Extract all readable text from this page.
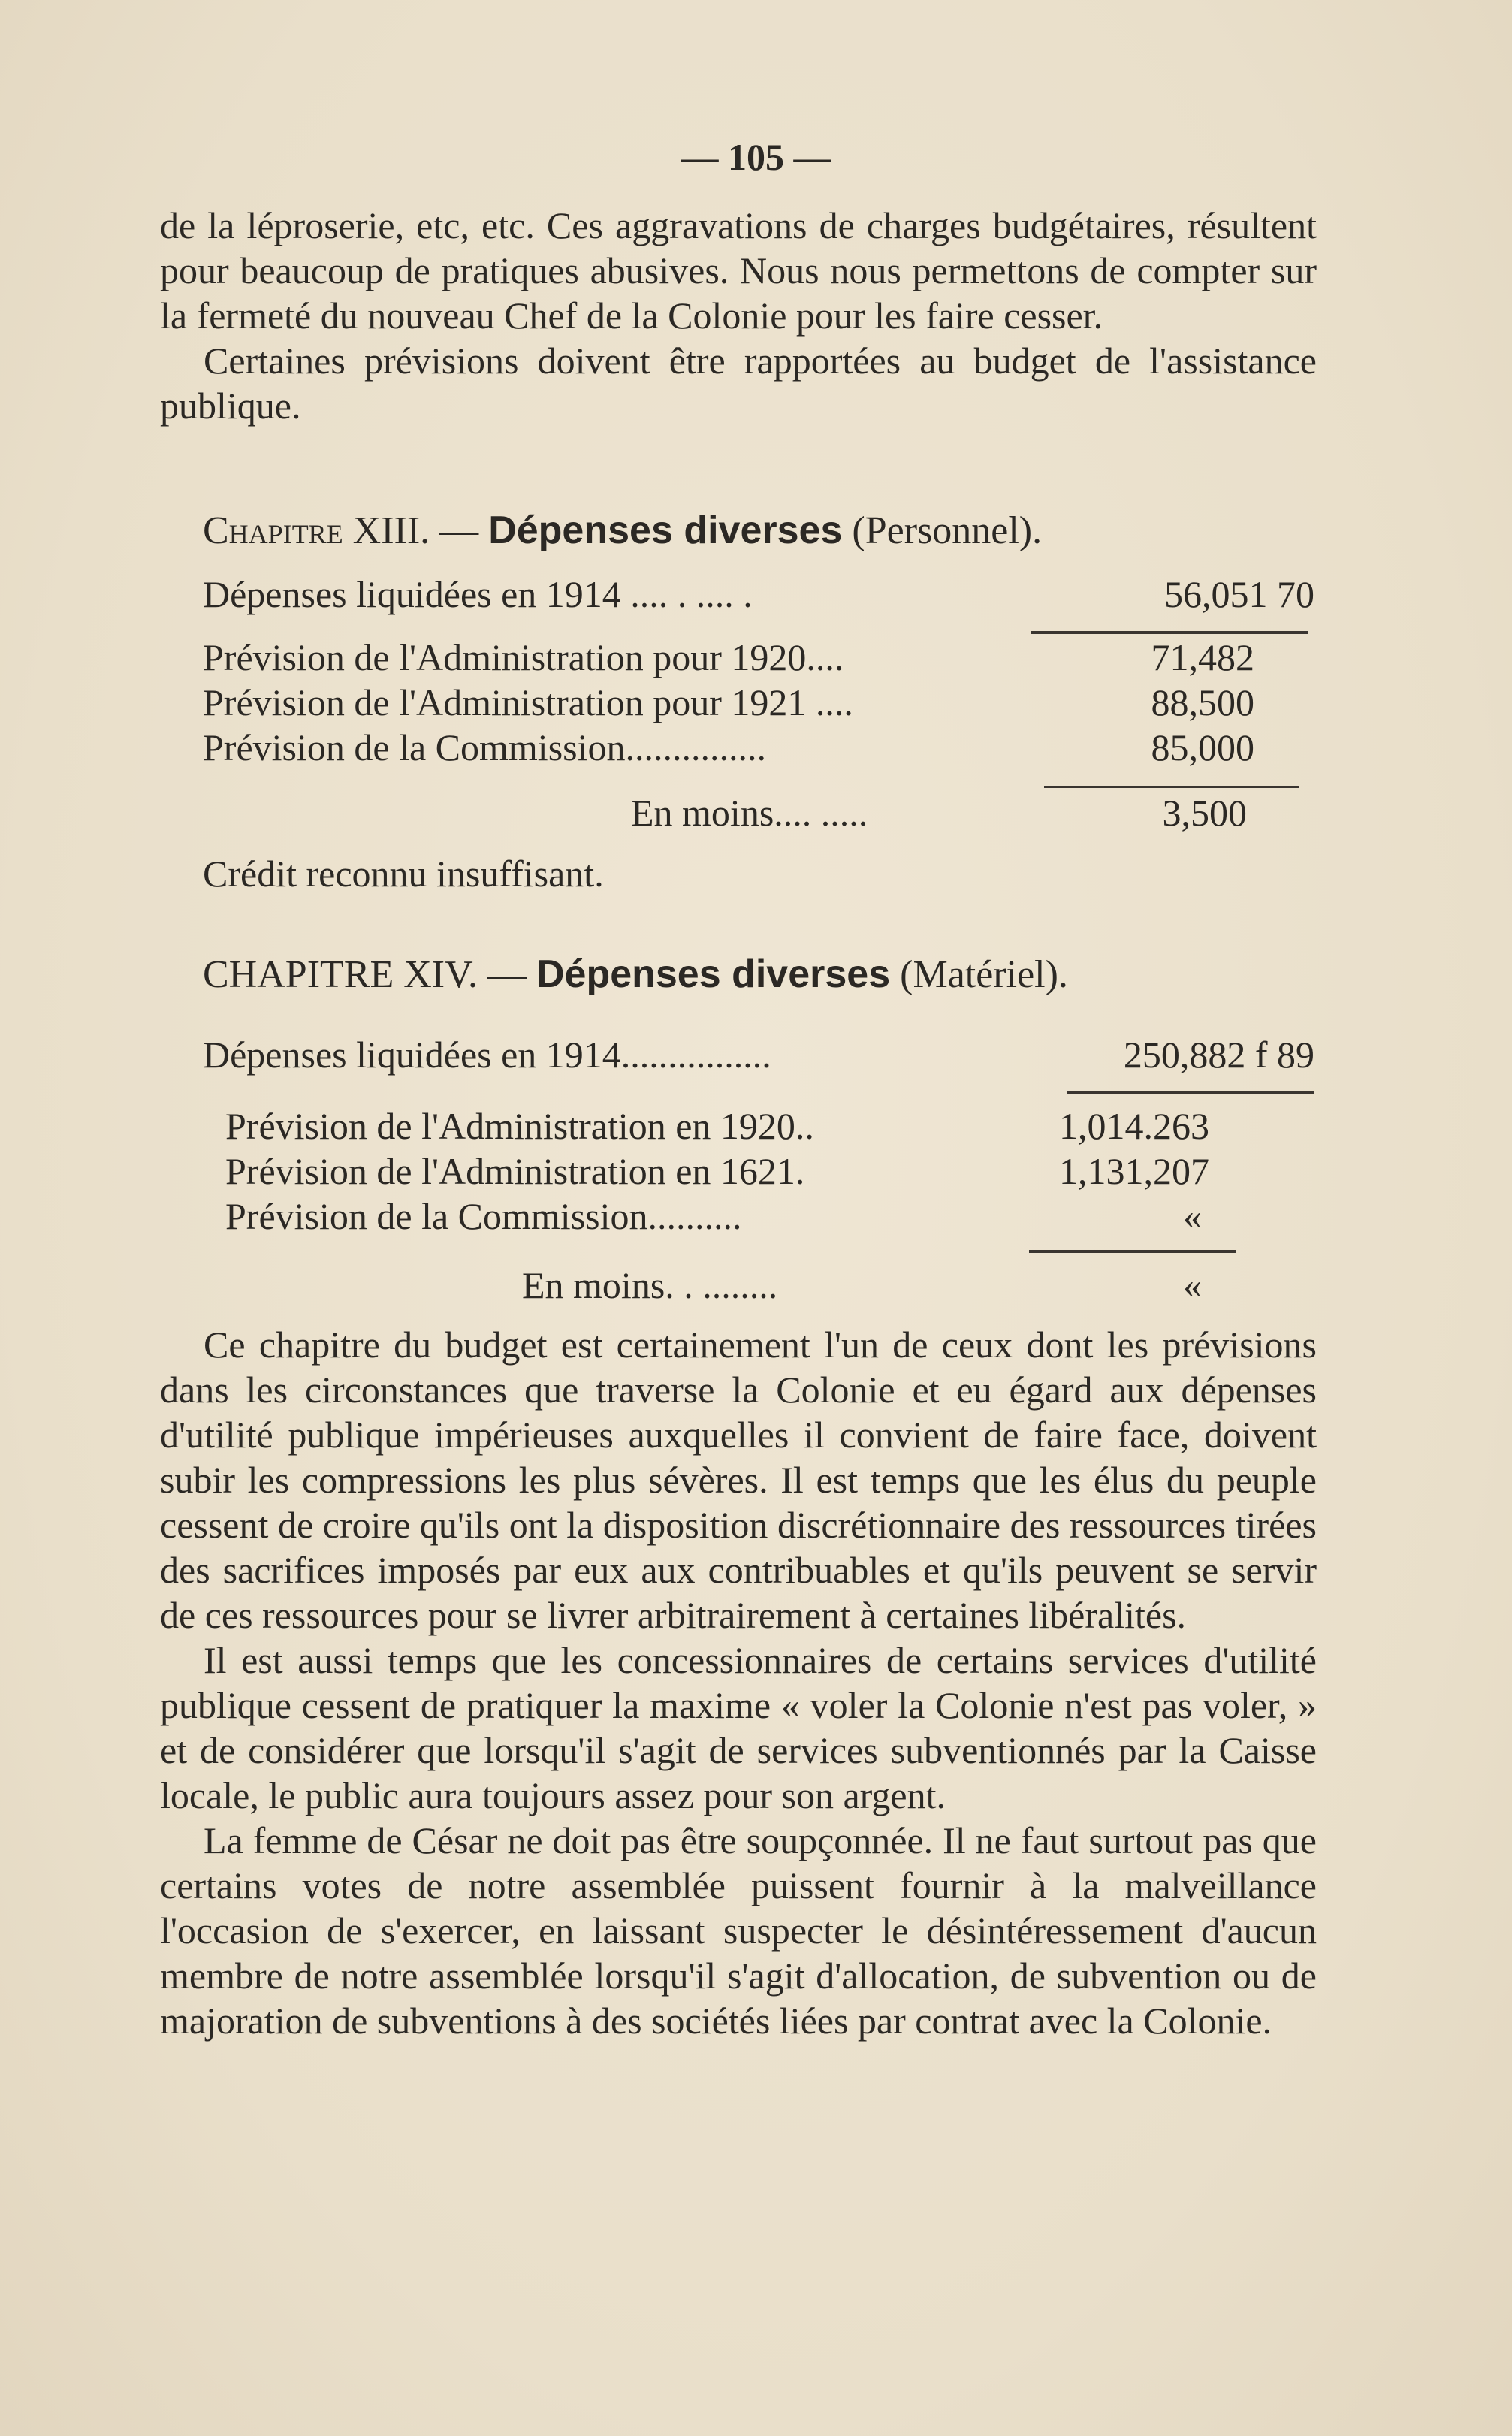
— 105 —

de la léproserie, etc, etc. Ces aggravations de charges budgétaires, résultent pour beaucoup de pratiques abusives. Nous nous permettons de compter sur la fermeté du nouveau Chef de la Colonie pour les faire cesser.

Certaines prévisions doivent être rapportées au budget de l'assistance publique.

Chapitre XIII. — Dépenses diverses (Personnel).
Dépenses liquidées en 1914 .... . .... .	56,051 70
Prévision de l'Administration pour 1920....	71,482
Prévision de l'Administration pour 1921 ....	88,500
Prévision de la Commission...............	85,000
En moins.... .....	3,500
Crédit reconnu insuffisant.
CHAPITRE XIV. — Dépenses diverses (Matériel).
Dépenses liquidées en 1914................	250,882 f 89
Prévision de l'Administration en 1920..	1,014.263
Prévision de l'Administration en 1621.	1,131,207
Prévision de la Commission..........	«
En moins. . ........	«

Ce chapitre du budget est certainement l'un de ceux dont les prévisions dans les circonstances que traverse la Colonie et eu égard aux dépenses d'utilité publique impérieuses auxquelles il convient de faire face, doivent subir les compressions les plus sévères. Il est temps que les élus du peuple cessent de croire qu'ils ont la disposition discrétionnaire des ressources tirées des sacrifices imposés par eux aux contribuables et qu'ils peuvent se servir de ces ressources pour se livrer arbitrairement à certaines libéralités.

Il est aussi temps que les concessionnaires de certains services d'utilité publique cessent de pratiquer la maxime « voler la Colonie n'est pas voler, » et de considérer que lorsqu'il s'agit de services subventionnés par la Caisse locale, le public aura toujours assez pour son argent.

La femme de César ne doit pas être soupçonnée. Il ne faut surtout pas que certains votes de notre assemblée puissent fournir à la malveillance l'occasion de s'exercer, en laissant suspecter le désintéressement d'aucun membre de notre assemblée lorsqu'il s'agit d'allocation, de subvention ou de majoration de subventions à des sociétés liées par contrat avec la Colonie.
